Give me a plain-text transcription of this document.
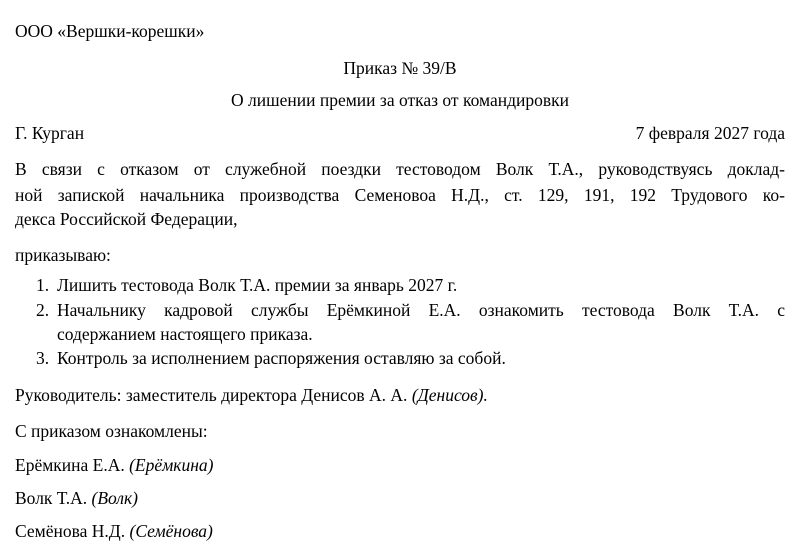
ООО «Вершки-корешки»
Приказ № 39/В
О лишении премии за отказ от командировки
Г. Курган	7 февраля 2027 года
В связи с отказом от служебной поездки тестоводом Волк Т.А., руководствуясь доклад-
ной запиской начальника производства Семеновоа Н.Д., ст. 129, 191, 192 Трудового ко-
декса Российской Федерации,
приказываю:
1. Лишить тестовода Волк Т.А. премии за январь 2027 г.
2. Начальнику кадровой службы Ерёмкиной Е.А. ознакомить тестовода Волк Т.А. с
содержанием настоящего приказа.
3. Контроль за исполнением распоряжения оставляю за собой.
Руководитель: заместитель директора Денисов А. А. (Денисов).
С приказом ознакомлены:
Ерёмкина Е.А. (Ерёмкина)
Волк Т.А. (Волк)
Семёнова Н.Д. (Семёнова)
